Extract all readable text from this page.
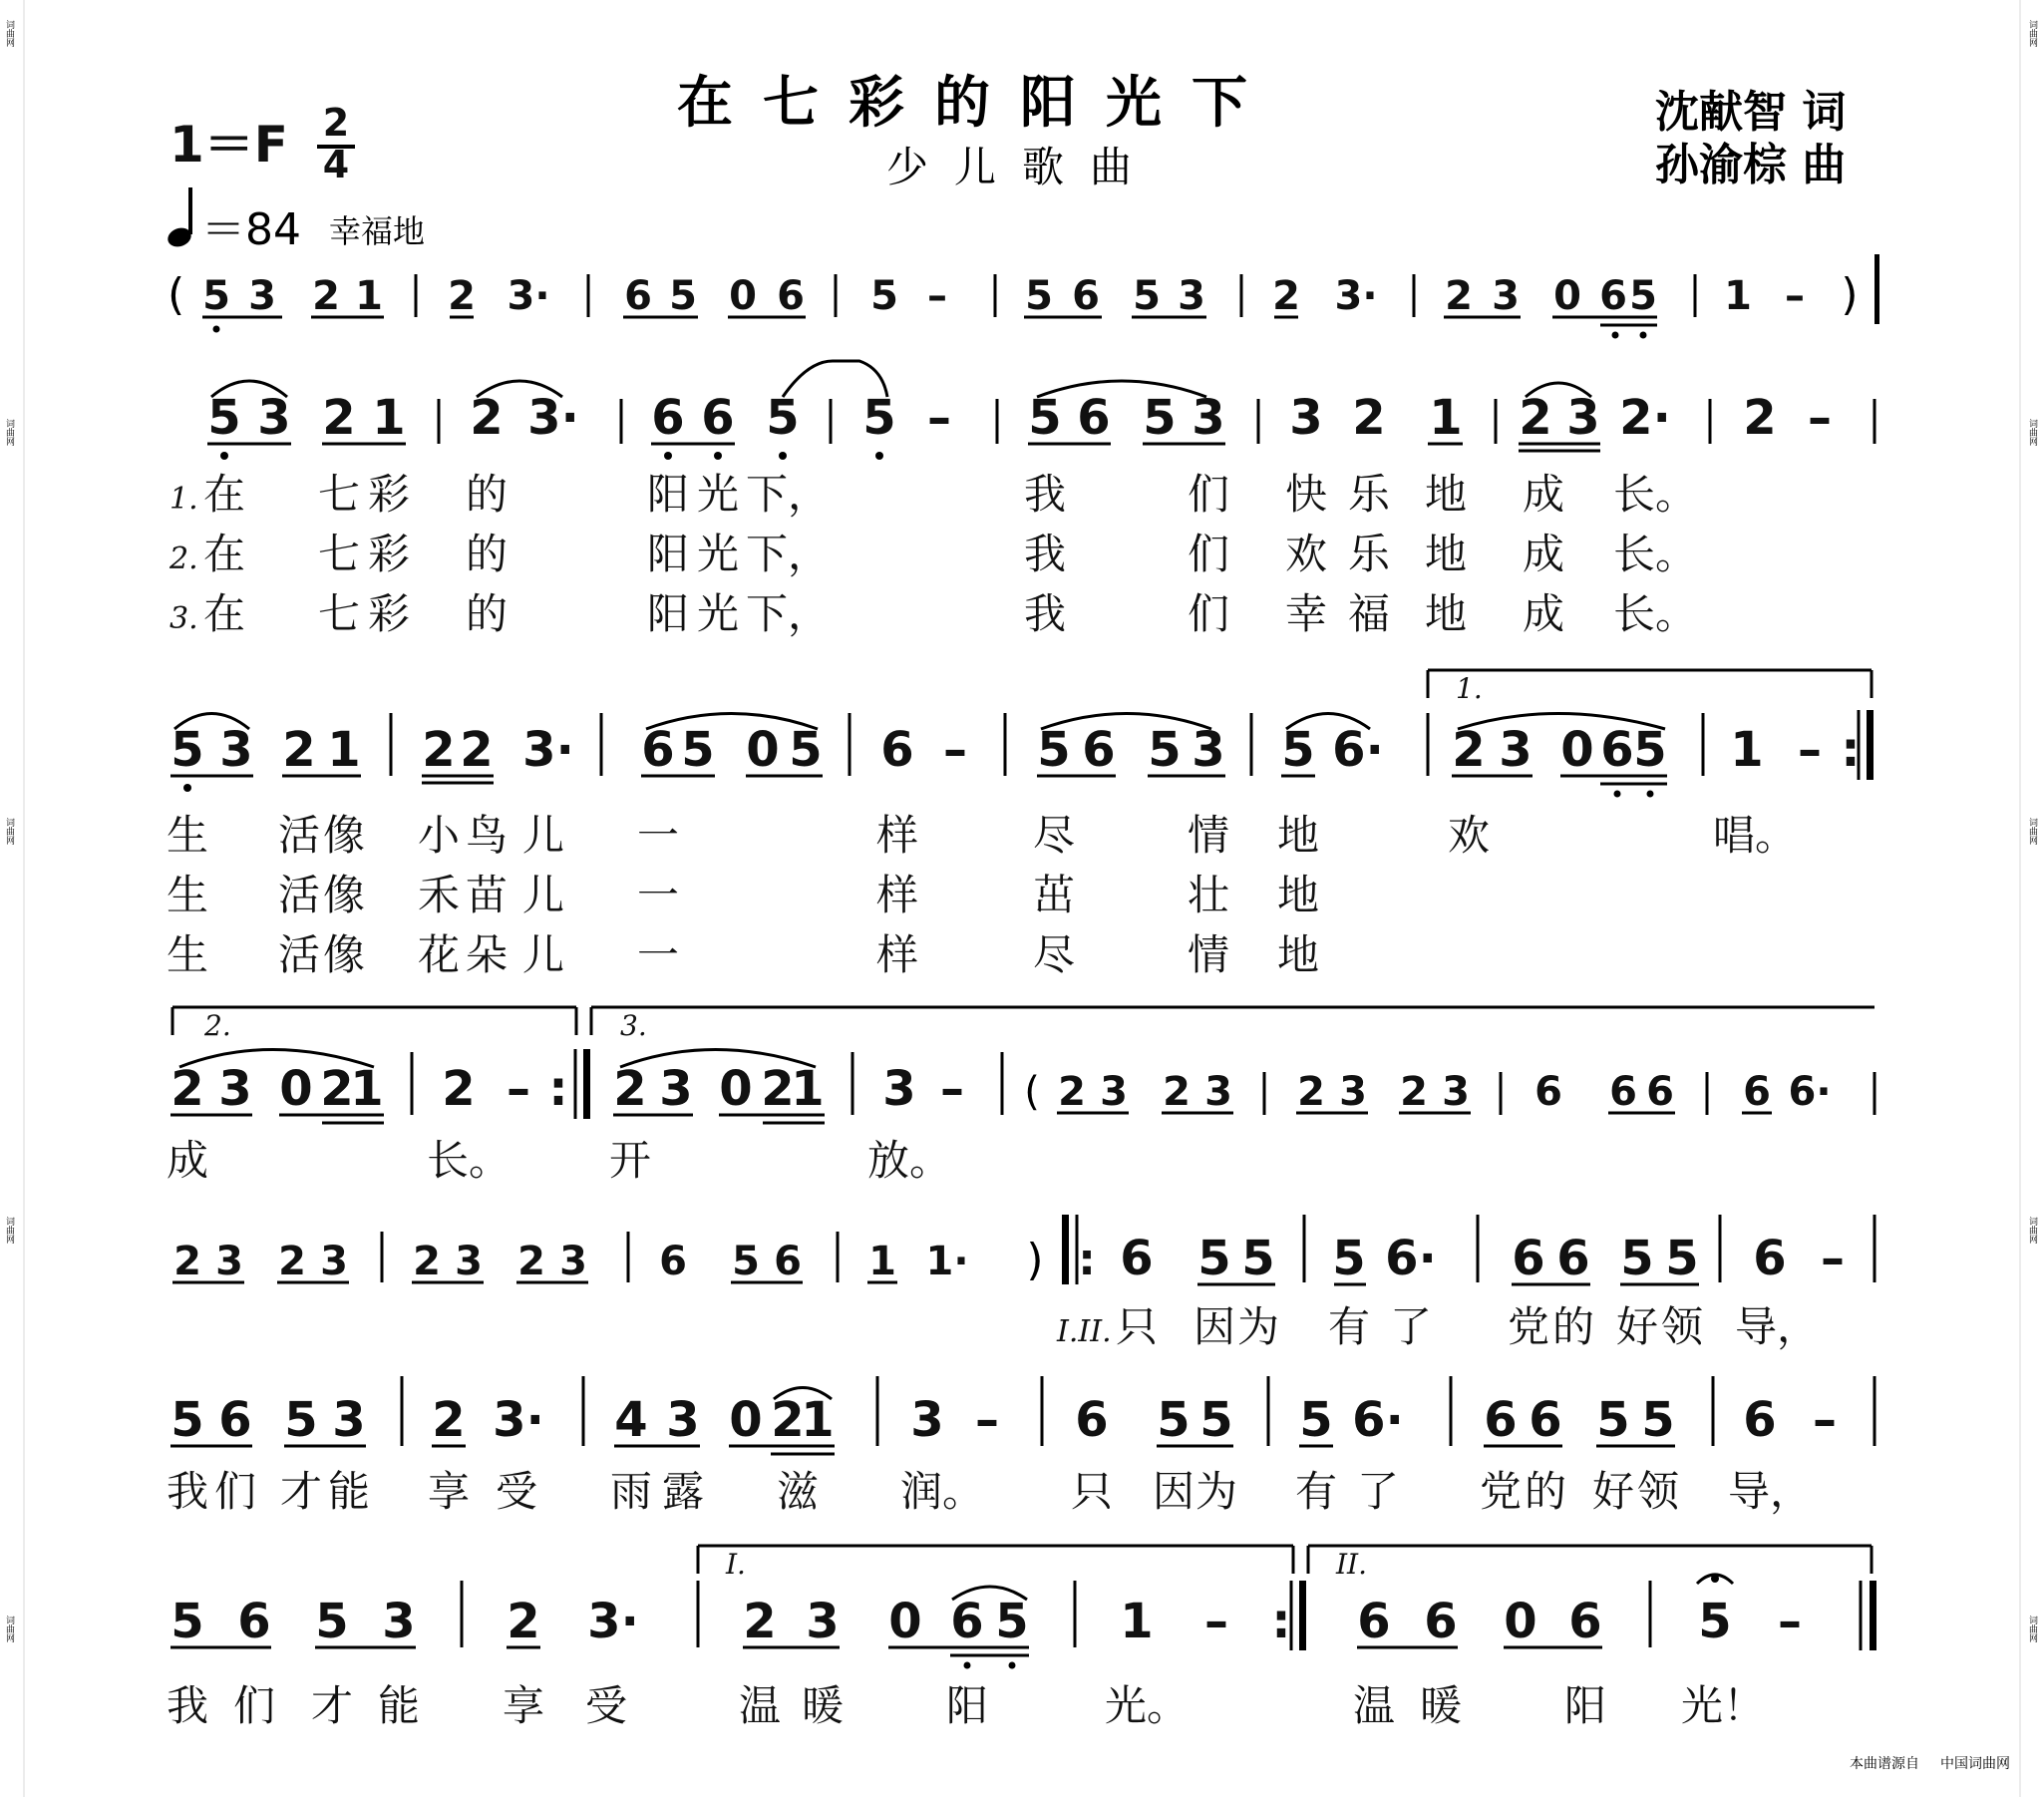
在七彩的阳光下
少儿歌曲
1＝F 2
4
＝84 幸福地
沈献智 词
孙渝棕 曲
( 5 3 2 1 2 3· 6 5 0 6 5 – 5 6 5 3 2 3· 2 3 0 6 5 1 – )
5 3 2 1 2 3· 6 6 5 5 – 5 6 5 3 3 2 1 2 3 2· 2 –
1. 在 七 彩 的	阳 光 下，	我	们 快 乐 地 成 长。
2. 在 七 彩 的	阳 光 下，	我	们 欢 乐 地 成 长。
3. 在 七 彩 的	阳 光 下，	我	们 幸 福 地 成 长。
1.
5 3 2 1 2 2 3· 6 5 0 5 6 – 5 6 5 3 5 6· 2 3 0 6 5 1 – :
生 活 像 小 鸟 儿 一	样	尽	情 地	欢	唱。
生 活 像 禾 苗 儿 一	样	茁	壮 地
生 活 像 花 朵 儿 一	样	尽	情 地
2.	3.
2 3 0 2
1 2 – : 2 3 0 2
1 3 – ( 2 3 2 3 2 3 2 3 6 6 6 6 6·
成	长。 开	放。
2 3 2 3 2 3 2 3 6 5 6 1 1· ) : 6 5 5 5 6· 6 6 5 5 6 –
I.II. 只 因 为 有 了 党 的 好 领 导，
5 6 5 3 2 3· 4 3 0 2
1 3 – 6 5 5 5 6· 6 6 5 5 6 –
我 们 才 能 享 受 雨 露 滋 润。 只 因 为 有 了 党 的 好 领 导，
I.	II.
5 6 5 3 2 3· 2 3 0 6 5 1 – : 6 6 0 6 5 –
我 们 才 能 享 受	温 暖 阳	光。	温 暖 阳 光！
词曲网
词曲网
词曲网
词曲网
词曲网
词曲网
词曲网
词曲网
词曲网
词曲网
本曲谱源自 中国词曲网
